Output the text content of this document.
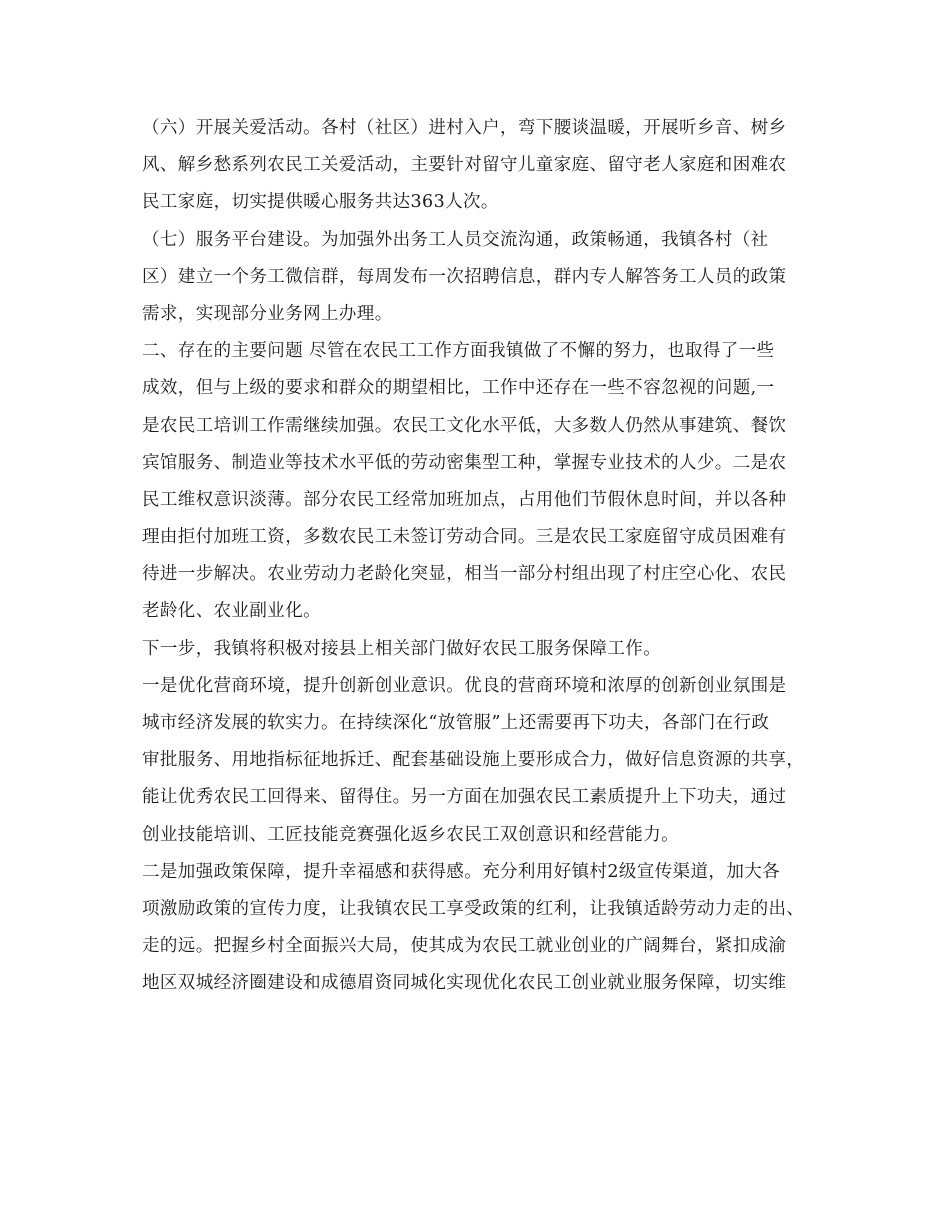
（六）开展关爱活动。各村（社区）进村入户，弯下腰谈温暖，开展听乡音、树乡
风、解乡愁系列农民工关爱活动，主要针对留守儿童家庭、留守老人家庭和困难农
民工家庭，切实提供暖心服务共达363人次。
（七）服务平台建设。为加强外出务工人员交流沟通，政策畅通，我镇各村（社
区）建立一个务工微信群，每周发布一次招聘信息，群内专人解答务工人员的政策
需求，实现部分业务网上办理。
二、存在的主要问题 尽管在农民工工作方面我镇做了不懈的努力，也取得了一些
成效，但与上级的要求和群众的期望相比，工作中还存在一些不容忽视的问题,一
是农民工培训工作需继续加强。农民工文化水平低，大多数人仍然从事建筑、餐饮
宾馆服务、制造业等技术水平低的劳动密集型工种，掌握专业技术的人少。二是农
民工维权意识淡薄。部分农民工经常加班加点，占用他们节假休息时间，并以各种
理由拒付加班工资，多数农民工未签订劳动合同。三是农民工家庭留守成员困难有
待进一步解决。农业劳动力老龄化突显，相当一部分村组出现了村庄空心化、农民
老龄化、农业副业化。
下一步，我镇将积极对接县上相关部门做好农民工服务保障工作。
一是优化营商环境，提升创新创业意识。优良的营商环境和浓厚的创新创业氛围是
城市经济发展的软实力。在持续深化“放管服”上还需要再下功夫，各部门在行政
审批服务、用地指标征地拆迁、配套基础设施上要形成合力，做好信息资源的共享，
能让优秀农民工回得来、留得住。另一方面在加强农民工素质提升上下功夫，通过
创业技能培训、工匠技能竞赛强化返乡农民工双创意识和经营能力。
二是加强政策保障，提升幸福感和获得感。充分利用好镇村2级宣传渠道，加大各
项激励政策的宣传力度，让我镇农民工享受政策的红利，让我镇适龄劳动力走的出、
走的远。把握乡村全面振兴大局，使其成为农民工就业创业的广阔舞台，紧扣成渝
地区双城经济圈建设和成德眉资同城化实现优化农民工创业就业服务保障，切实维
